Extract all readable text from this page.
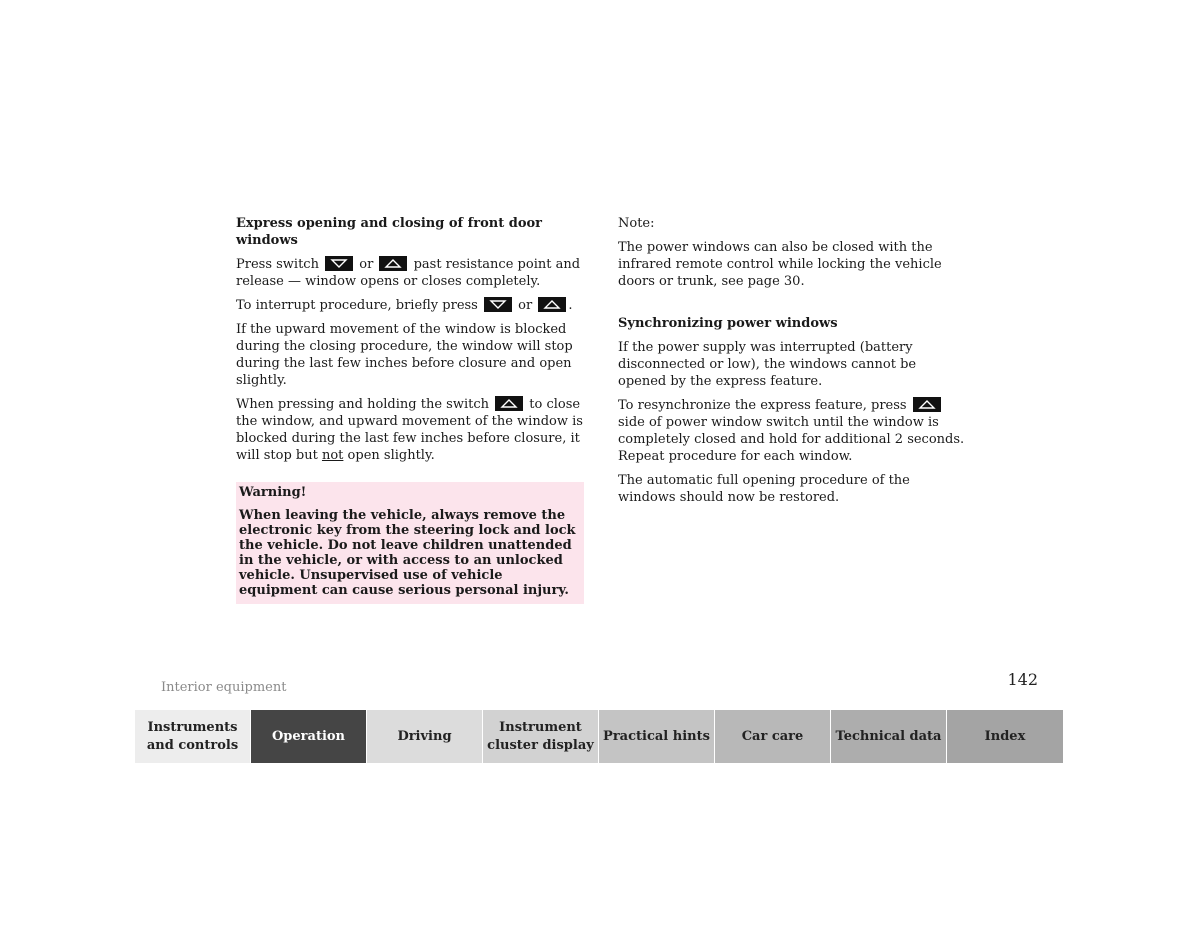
Express opening and closing of front door windows

Press switch	or	past resistance point and release — window opens or closes completely.

To interrupt procedure, briefly press	or	.

If the upward movement of the window is blocked during the closing procedure, the window will stop during the last few inches before closure and open slightly.

When pressing and holding the switch	to close the window, and upward movement of the window is blocked during the last few inches before closure, it will stop but not open slightly.

Warning!
When leaving the vehicle, always remove the electronic key from the steering lock and lock the vehicle. Do not leave children unattended in the vehicle, or with access to an unlocked vehicle. Unsupervised use of vehicle equipment can cause serious personal injury.

Note:

The power windows can also be closed with the infrared remote control while locking the vehicle doors or trunk, see page 30.

Synchronizing power windows

If the power supply was interrupted (battery disconnected or low), the windows cannot be opened by the express feature.

To resynchronize the express feature, press
side of power window switch until the window is completely closed and hold for additional 2 seconds. Repeat procedure for each window.

The automatic full opening procedure of the windows should now be restored.

Interior equipment	142
Instruments and controls
Operation	Driving
Instrument cluster display
Practical hints	Car care	Technical data	Index
